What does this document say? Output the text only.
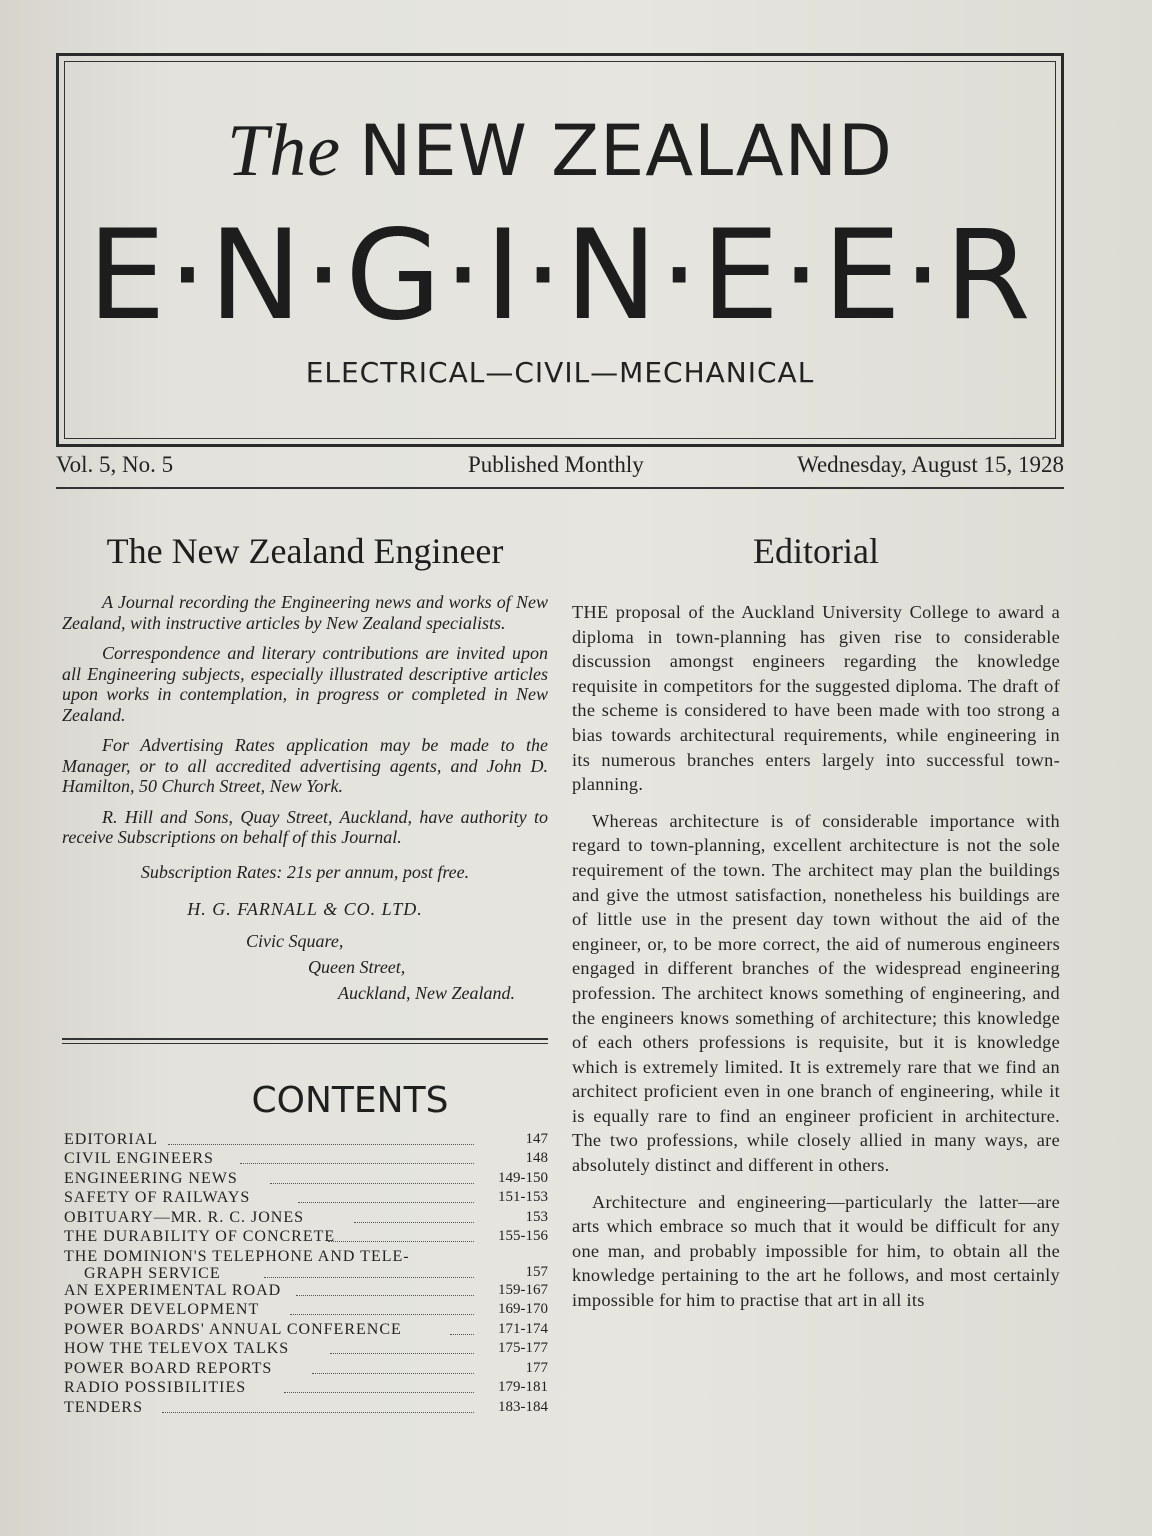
The NEW ZEALAND
E·N·G·I·N·E·E·R
ELECTRICAL—CIVIL—MECHANICAL
Vol. 5, No. 5	Published Monthly	Wednesday, August 15, 1928
The New Zealand Engineer

A Journal recording the Engineering news and works of New Zealand, with instructive articles by New Zealand specialists.

Correspondence and literary contributions are invited upon all Engineering subjects, especially illustrated descriptive articles upon works in contemplation, in progress or completed in New Zealand.

For Advertising Rates application may be made to the Manager, or to all accredited advertising agents, and John D. Hamilton, 50 Church Street, New York.

R. Hill and Sons, Quay Street, Auckland, have authority to receive Subscriptions on behalf of this Journal.

Subscription Rates: 21s per annum, post free.
H. G. FARNALL & CO. LTD.
Civic Square,
Queen Street,
Auckland, New Zealand.
CONTENTS
EDITORIAL	147
CIVIL ENGINEERS	148
ENGINEERING NEWS	149-150
SAFETY OF RAILWAYS	151-153
OBITUARY—MR. R. C. JONES	153
THE DURABILITY OF CONCRETE	155-156
THE DOMINION'S TELEPHONE AND TELE-
GRAPH SERVICE	157
AN EXPERIMENTAL ROAD	159-167
POWER DEVELOPMENT	169-170
POWER BOARDS' ANNUAL CONFERENCE	171-174
HOW THE TELEVOX TALKS	175-177
POWER BOARD REPORTS	177
RADIO POSSIBILITIES	179-181
TENDERS	183-184
Editorial

THE proposal of the Auckland University College to award a diploma in town-planning has given rise to considerable discussion amongst engineers regarding the knowledge requisite in competitors for the suggested diploma. The draft of the scheme is considered to have been made with too strong a bias towards architectural requirements, while engineering in its numerous branches enters largely into successful town-planning.

Whereas architecture is of considerable importance with regard to town-planning, excellent architecture is not the sole requirement of the town. The architect may plan the buildings and give the utmost satisfaction, nonetheless his buildings are of little use in the present day town without the aid of the engineer, or, to be more correct, the aid of numerous engineers engaged in different branches of the widespread engineering profession. The architect knows something of engineering, and the engineers knows something of architecture; this knowledge of each others professions is requisite, but it is knowledge which is extremely limited. It is extremely rare that we find an architect proficient even in one branch of engineering, while it is equally rare to find an engineer proficient in architecture. The two professions, while closely allied in many ways, are absolutely distinct and different in others.

Architecture and engineering—particularly the latter—are arts which embrace so much that it would be difficult for any one man, and probably impossible for him, to obtain all the knowledge pertaining to the art he follows, and most certainly impossible for him to practise that art in all its
